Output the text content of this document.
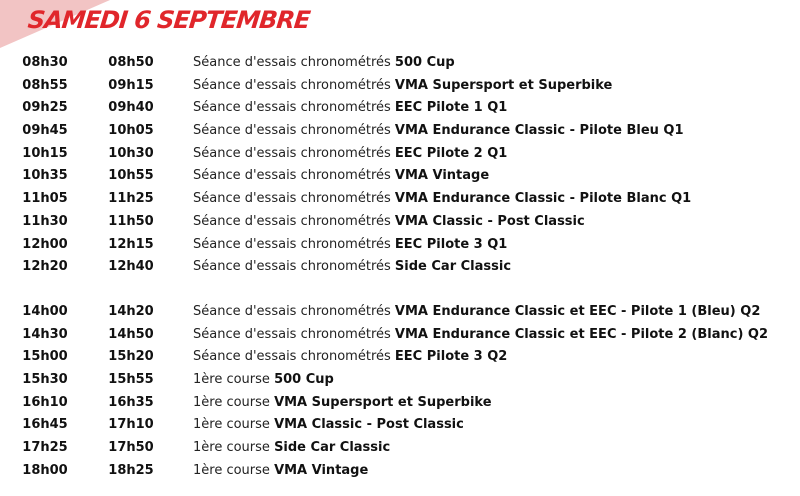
SAMEDI 6 SEPTEMBRE
08h30	08h50	Séance d'essais chronométrés 500 Cup
08h55	09h15	Séance d'essais chronométrés VMA Supersport et Superbike
09h25	09h40	Séance d'essais chronométrés EEC Pilote 1 Q1
09h45	10h05	Séance d'essais chronométrés VMA Endurance Classic - Pilote Bleu Q1
10h15	10h30	Séance d'essais chronométrés EEC Pilote 2 Q1
10h35	10h55	Séance d'essais chronométrés VMA Vintage
11h05	11h25	Séance d'essais chronométrés VMA Endurance Classic - Pilote Blanc Q1
11h30	11h50	Séance d'essais chronométrés VMA Classic - Post Classic
12h00	12h15	Séance d'essais chronométrés EEC Pilote 3 Q1
12h20	12h40	Séance d'essais chronométrés Side Car Classic
14h00	14h20	Séance d'essais chronométrés VMA Endurance Classic et EEC - Pilote 1 (Bleu) Q2
14h30	14h50	Séance d'essais chronométrés VMA Endurance Classic et EEC - Pilote 2 (Blanc) Q2
15h00	15h20	Séance d'essais chronométrés EEC Pilote 3 Q2
15h30	15h55	1ère course 500 Cup
16h10	16h35	1ère course VMA Supersport et Superbike
16h45	17h10	1ère course VMA Classic - Post Classic
17h25	17h50	1ère course Side Car Classic
18h00	18h25	1ère course VMA Vintage
